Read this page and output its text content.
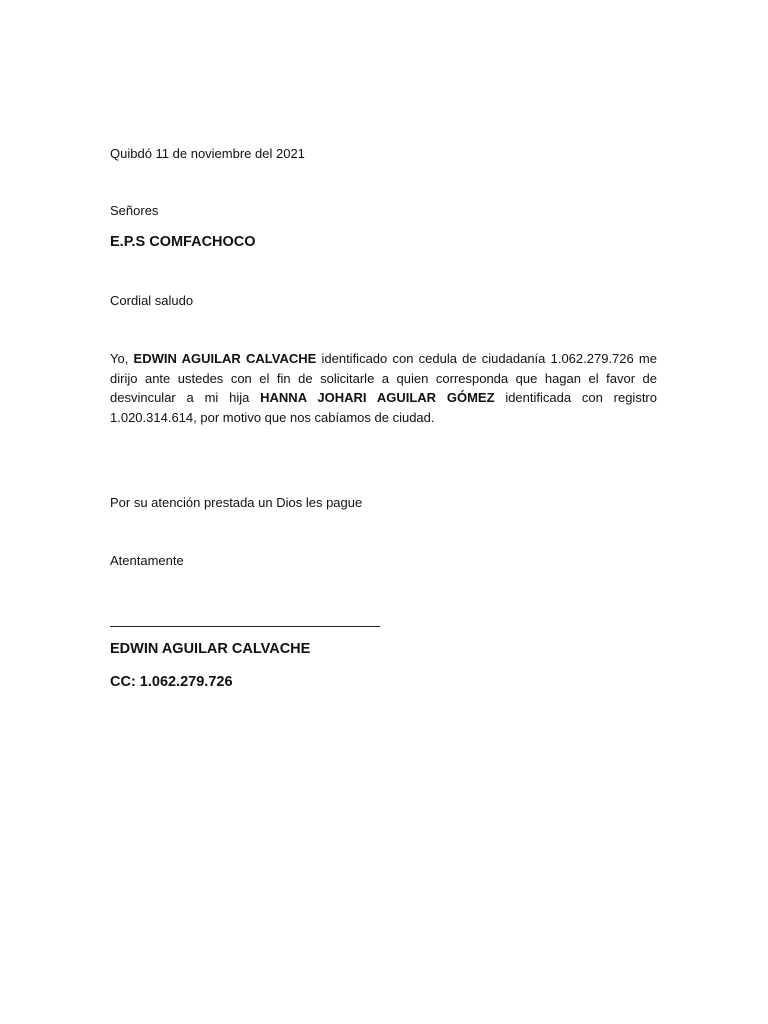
Quibdó 11 de noviembre del 2021
Señores
E.P.S COMFACHOCO
Cordial saludo
Yo, EDWIN AGUILAR CALVACHE identificado con cedula de ciudadanía 1.062.279.726 me dirijo ante ustedes con el fin de solicitarle a quien corresponda que hagan el favor de desvincular a mi hija HANNA JOHARI AGUILAR GÓMEZ identificada con registro 1.020.314.614, por motivo que nos cabíamos de ciudad.
Por su atención prestada un Dios les pague
Atentamente
EDWIN AGUILAR CALVACHE
CC: 1.062.279.726
